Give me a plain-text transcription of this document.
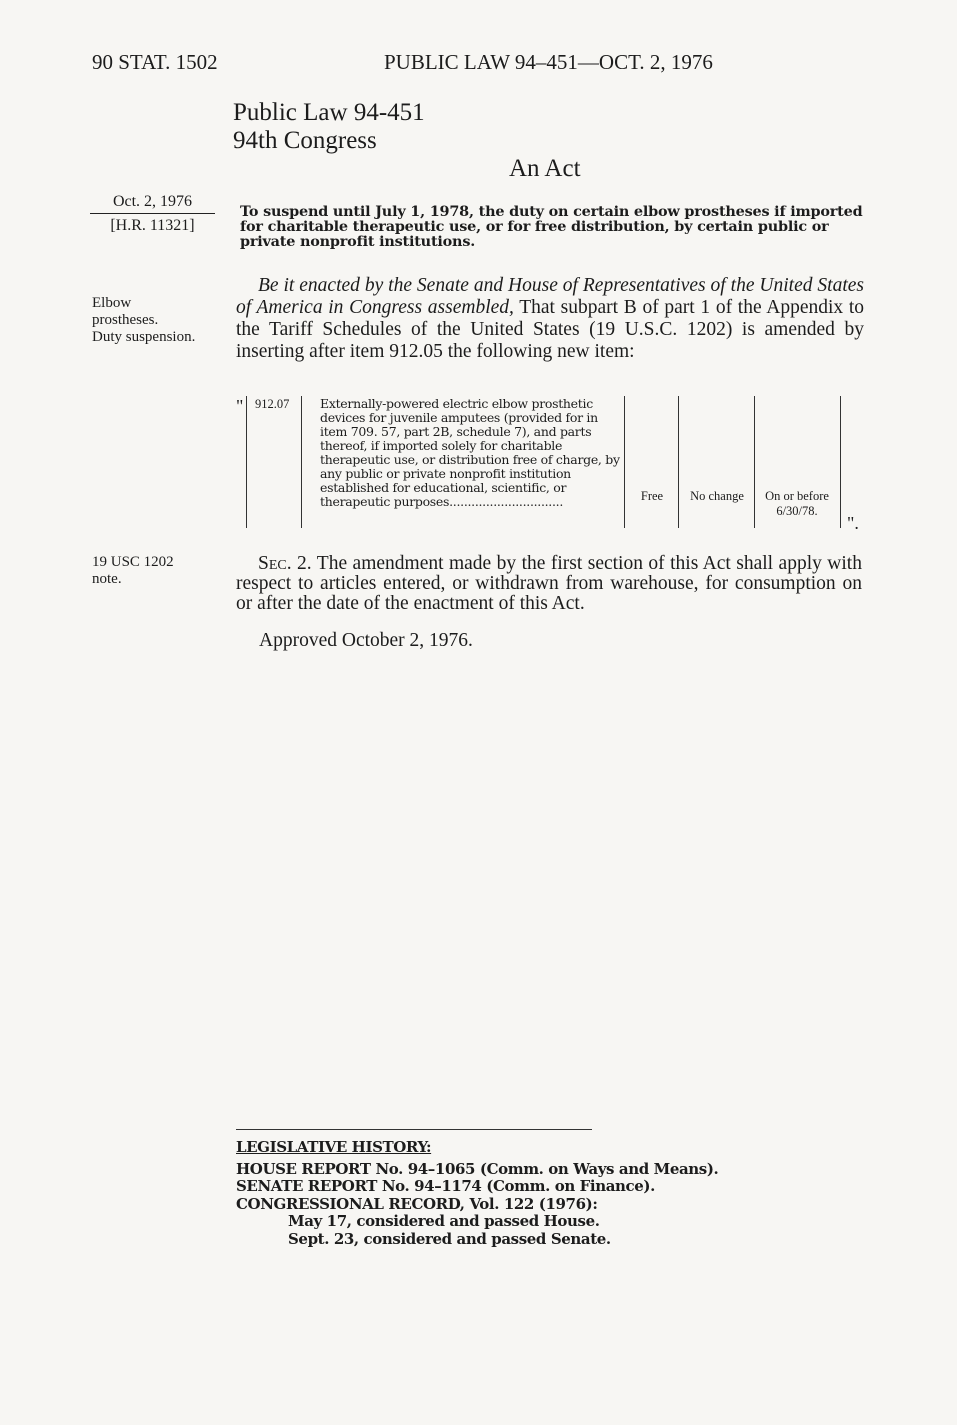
90 STAT. 1502	PUBLIC LAW 94–451—OCT. 2, 1976
Public Law 94-451
94th Congress
An Act
Oct. 2, 1976
[H.R. 11321]
To suspend until July 1, 1978, the duty on certain elbow prostheses if imported for charitable therapeutic use, or for free distribution, by certain public or private nonprofit institutions.
Elbow
prostheses.
Duty suspension.
Be it enacted by the Senate and House of Representatives of the United States of America in Congress assembled, That subpart B of part 1 of the Appendix to the Tariff Schedules of the United States (19 U.S.C. 1202) is amended by inserting after item 912.05 the following new item:
" 912.07 Externally-powered electric elbow prosthetic devices for juvenile amputees (provided for in item 709. 57, part 2B, schedule 7), and parts thereof, if imported solely for charitable therapeutic use, or distribution free of charge, by any public or private nonprofit institution established for educational, scientific, or therapeutic purposes...............................	Free	No change	On or before 6/30/78.
".
19 USC 1202
note.
Sec. 2. The amendment made by the first section of this Act shall apply with respect to articles entered, or withdrawn from warehouse, for consumption on or after the date of the enactment of this Act.
Approved October 2, 1976.
LEGISLATIVE HISTORY:
HOUSE REPORT No. 94–1065 (Comm. on Ways and Means).
SENATE REPORT No. 94–1174 (Comm. on Finance).
CONGRESSIONAL RECORD, Vol. 122 (1976):
May 17, considered and passed House.
Sept. 23, considered and passed Senate.
